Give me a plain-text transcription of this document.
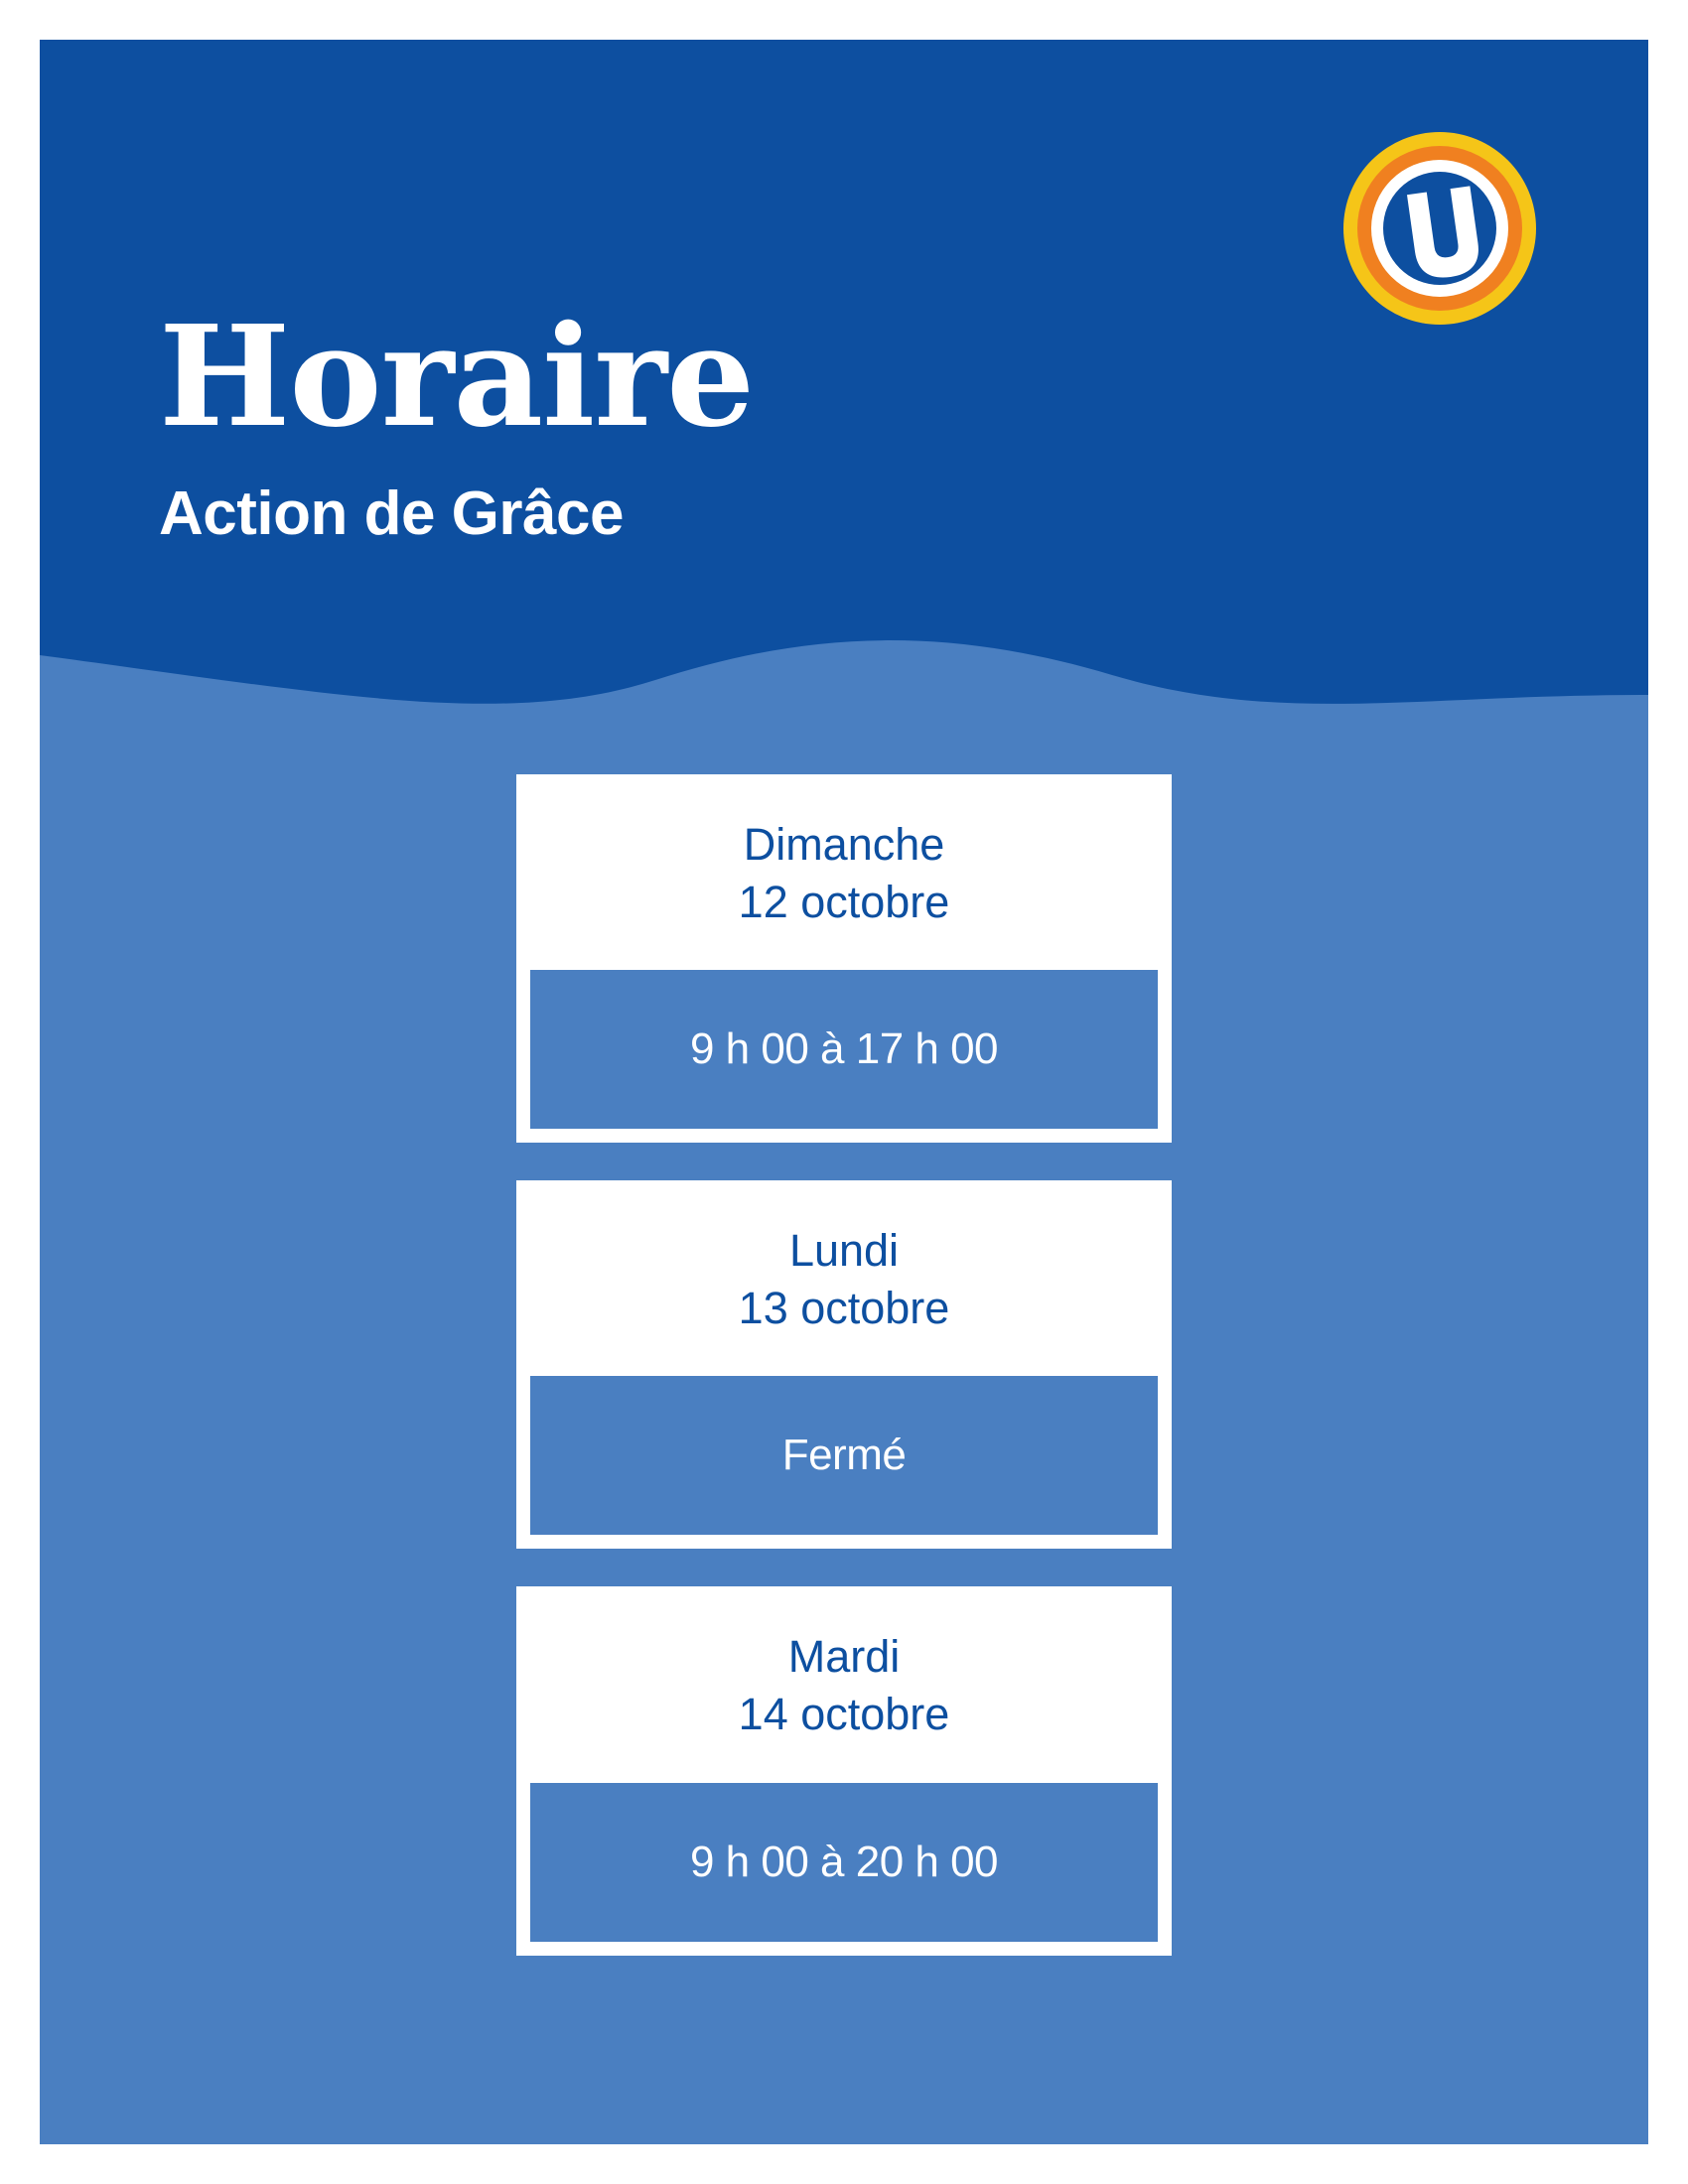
Horaire
Action de Grâce
Dimanche
12 octobre
9 h 00 à 17 h 00
Lundi
13 octobre
Fermé
Mardi
14 octobre
9 h 00 à 20 h 00
